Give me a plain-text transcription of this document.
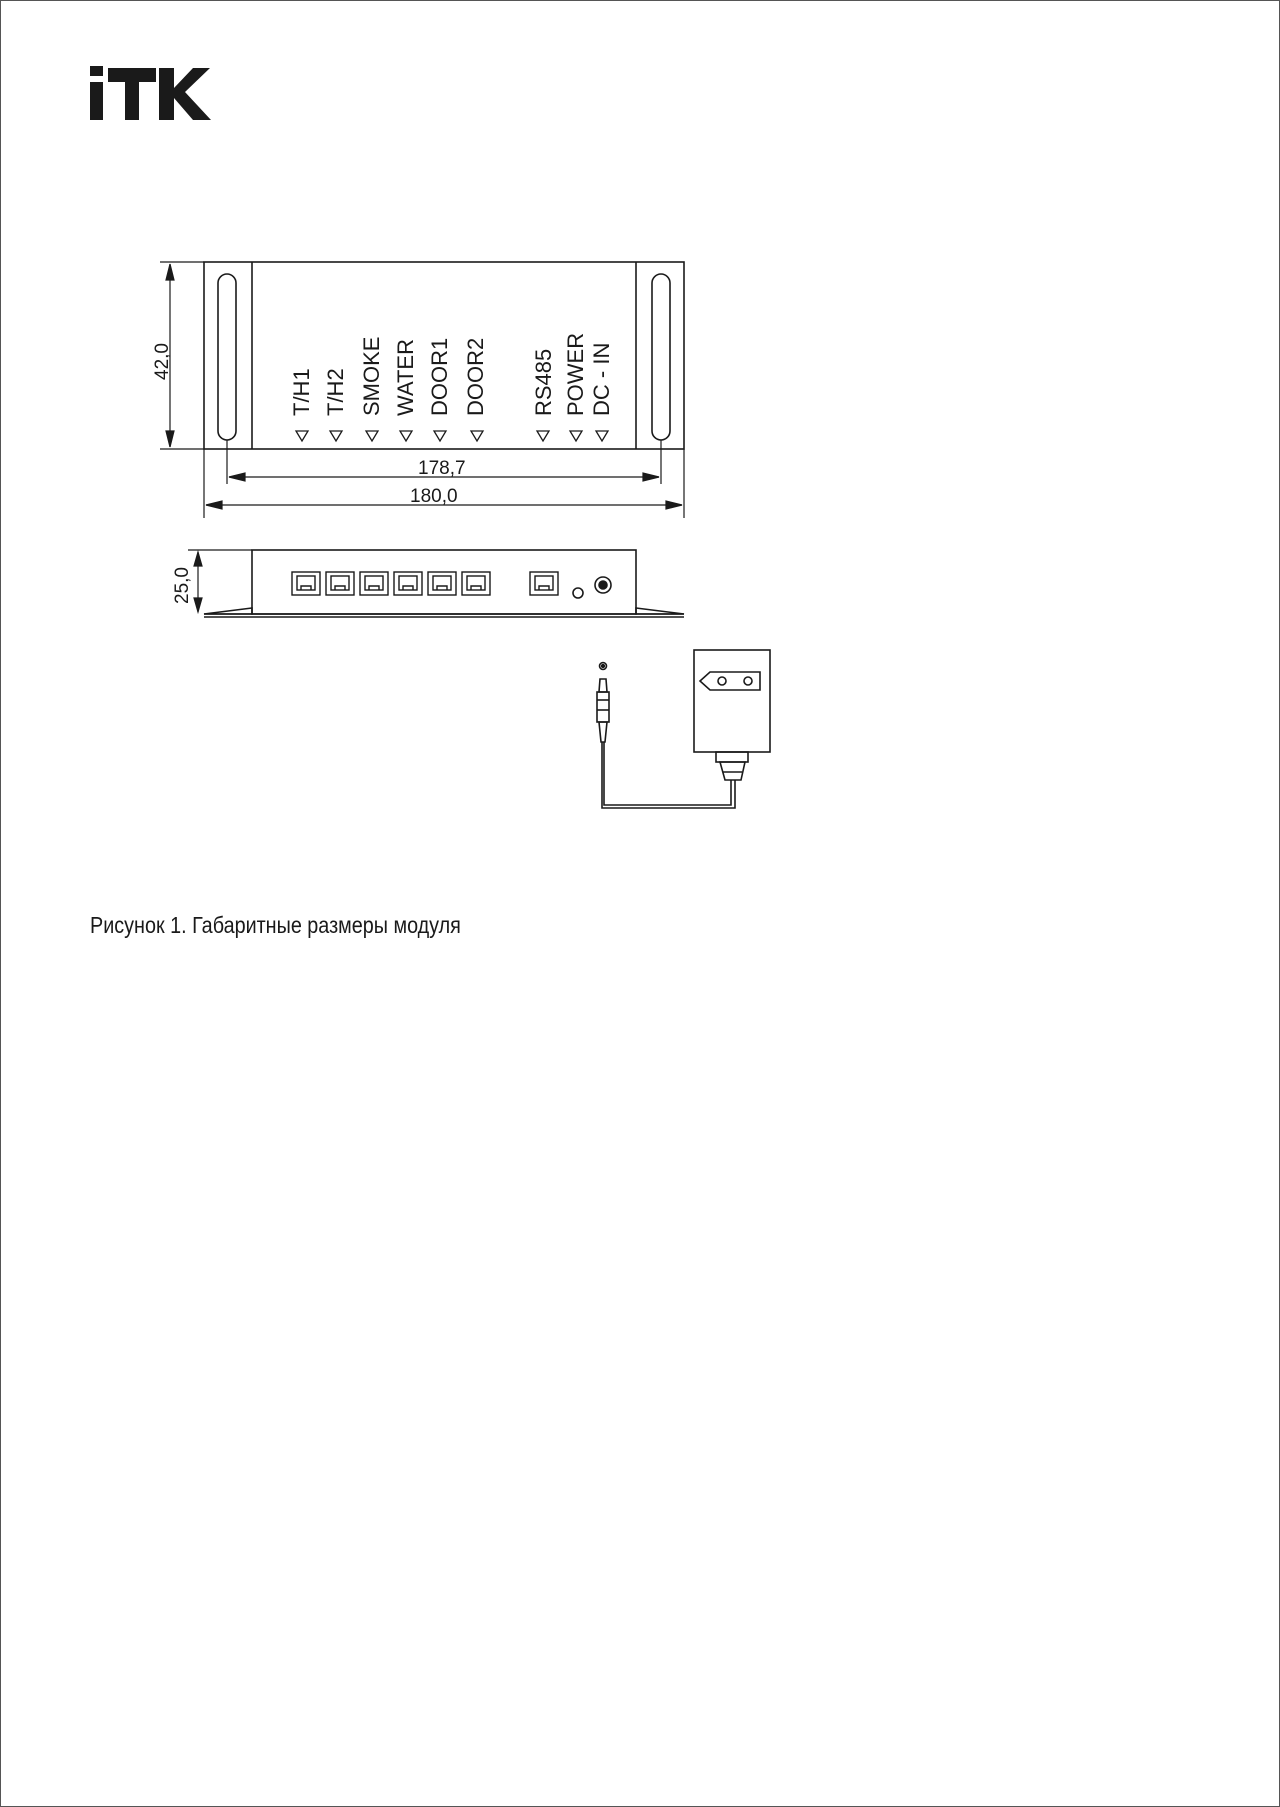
42,0
178,7
180,0
25,0
T/H1 T/H2 SMOKE WATER DOOR1 DOOR2 RS485 POWER DC - IN
Рисунок 1. Габаритные размеры модуля
